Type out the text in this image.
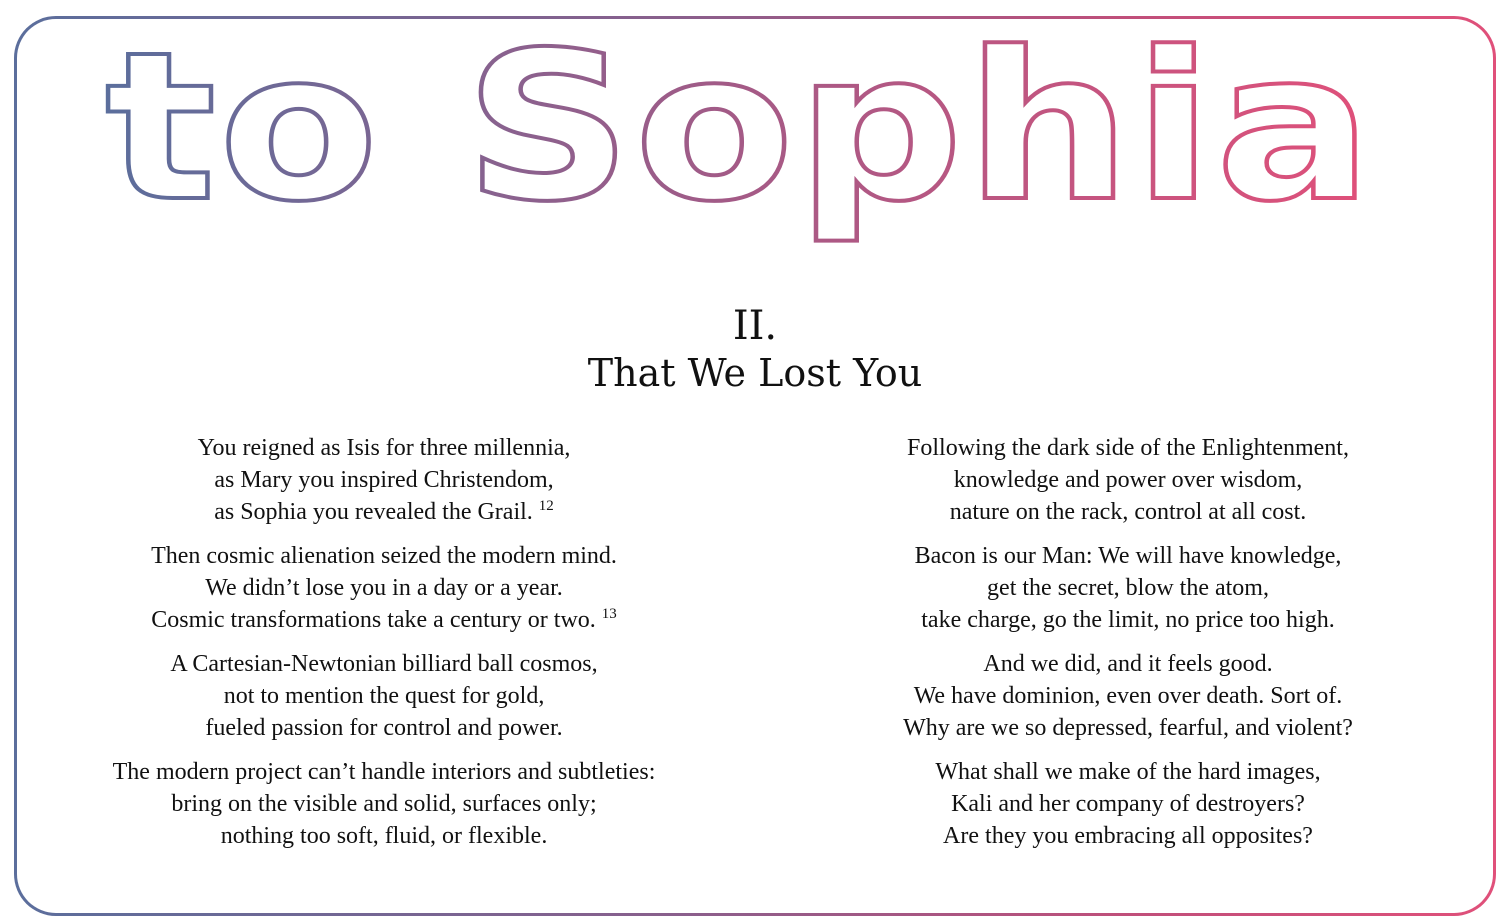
to Sophia
II.
That We Lost You
You reigned as Isis for three millennia,
as Mary you inspired Christendom,
as Sophia you revealed the Grail. $^{12}$
Then cosmic alienation seized the modern mind.
We didn’t lose you in a day or a year.
Cosmic transformations take a century or two. $^{13}$
A Cartesian-Newtonian billiard ball cosmos,
not to mention the quest for gold,
fueled passion for control and power.
The modern project can’t handle interiors and subtleties:
bring on the visible and solid, surfaces only;
nothing too soft, fluid, or flexible.
Following the dark side of the Enlightenment,
knowledge and power over wisdom,
nature on the rack, control at all cost.
Bacon is our Man: We will have knowledge,
get the secret, blow the atom,
take charge, go the limit, no price too high.
And we did, and it feels good.
We have dominion, even over death. Sort of.
Why are we so depressed, fearful, and violent?
What shall we make of the hard images,
Kali and her company of destroyers?
Are they you embracing all opposites?
